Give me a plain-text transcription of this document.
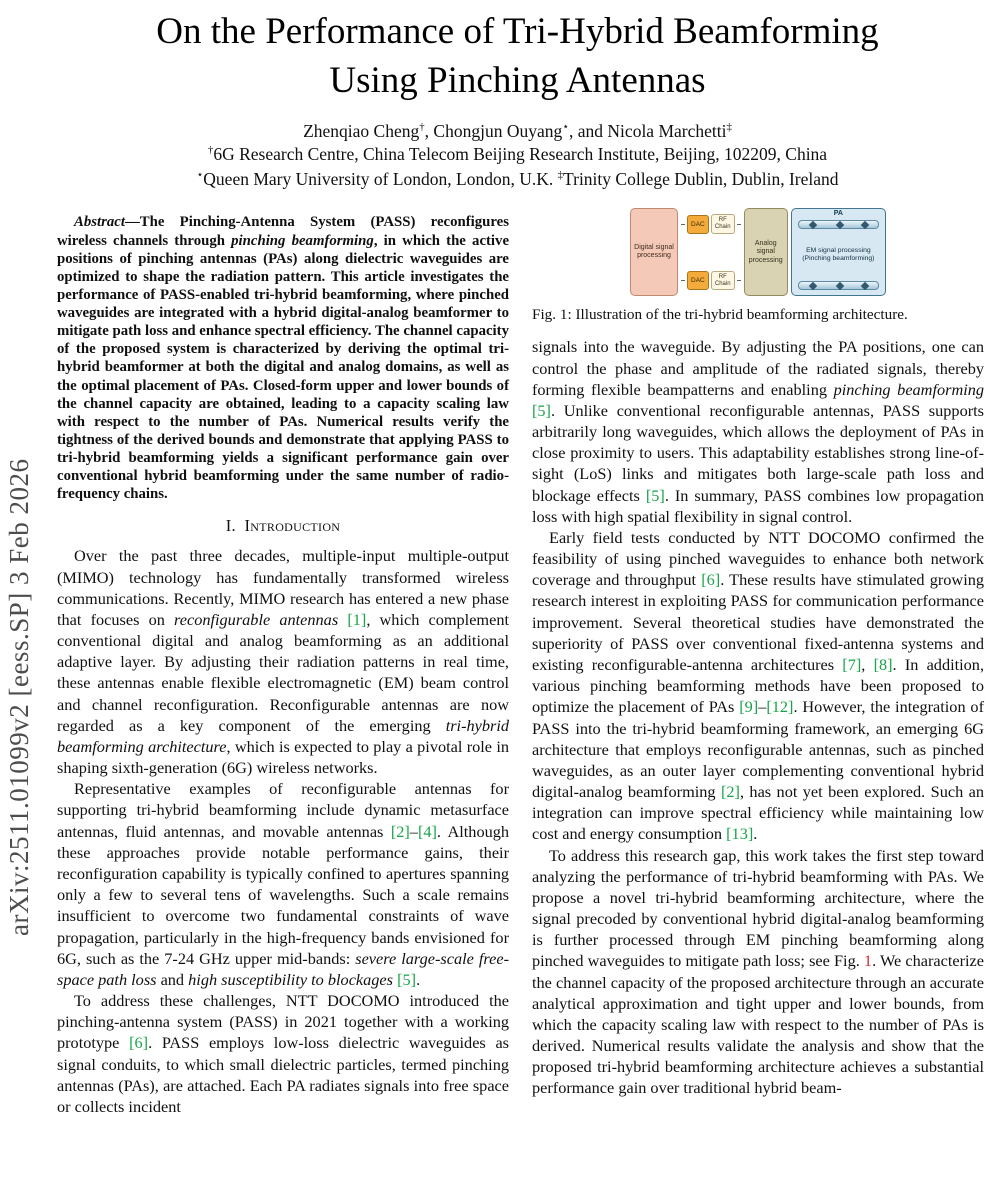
arXiv:2511.01099v2 [eess.SP] 3 Feb 2026
On the Performance of Tri-Hybrid Beamforming
Using Pinching Antennas
Zhenqiao Cheng†, Chongjun Ouyang⋆, and Nicola Marchetti‡
†6G Research Centre, China Telecom Beijing Research Institute, Beijing, 102209, China
⋆Queen Mary University of London, London, U.K. ‡Trinity College Dublin, Dublin, Ireland

Abstract—The Pinching-Antenna System (PASS) reconfigures wireless channels through pinching beamforming, in which the active positions of pinching antennas (PAs) along dielectric waveguides are optimized to shape the radiation pattern. This article investigates the performance of PASS-enabled tri-hybrid beamforming, where pinched waveguides are integrated with a hybrid digital-analog beamformer to mitigate path loss and enhance spectral efficiency. The channel capacity of the proposed system is characterized by deriving the optimal tri-hybrid beamformer at both the digital and analog domains, as well as the optimal placement of PAs. Closed-form upper and lower bounds of the channel capacity are obtained, leading to a capacity scaling law with respect to the number of PAs. Numerical results verify the tightness of the derived bounds and demonstrate that applying PASS to tri-hybrid beamforming yields a significant performance gain over conventional hybrid beamforming under the same number of radio-frequency chains.

I. Introduction

Over the past three decades, multiple-input multiple-output (MIMO) technology has fundamentally transformed wireless communications. Recently, MIMO research has entered a new phase that focuses on reconfigurable antennas [1], which complement conventional digital and analog beamforming as an additional adaptive layer. By adjusting their radiation patterns in real time, these antennas enable flexible electromagnetic (EM) beam control and channel reconfiguration. Reconfigurable antennas are now regarded as a key component of the emerging tri-hybrid beamforming architecture, which is expected to play a pivotal role in shaping sixth-generation (6G) wireless networks.

Representative examples of reconfigurable antennas for supporting tri-hybrid beamforming include dynamic metasurface antennas, fluid antennas, and movable antennas [2]–[4]. Although these approaches provide notable performance gains, their reconfiguration capability is typically confined to apertures spanning only a few to several tens of wavelengths. Such a scale remains insufficient to overcome two fundamental constraints of wave propagation, particularly in the high-frequency bands envisioned for 6G, such as the 7-24 GHz upper mid-bands: severe large-scale free-space path loss and high susceptibility to blockages [5].

To address these challenges, NTT DOCOMO introduced the pinching-antenna system (PASS) in 2021 together with a working prototype [6]. PASS employs low-loss dielectric waveguides as signal conduits, to which small dielectric particles, termed pinching antennas (PAs), are attached. Each PA radiates signals into free space or collects incident

Digital signal processing
DAC
RF Chain
DAC
RF Chain
Analog signal processing
PA
EM signal processing
(Pinching beamforming)
Fig. 1: Illustration of the tri-hybrid beamforming architecture.

signals into the waveguide. By adjusting the PA positions, one can control the phase and amplitude of the radiated signals, thereby forming flexible beampatterns and enabling pinching beamforming [5]. Unlike conventional reconfigurable antennas, PASS supports arbitrarily long waveguides, which allows the deployment of PAs in close proximity to users. This adaptability establishes strong line-of-sight (LoS) links and mitigates both large-scale path loss and blockage effects [5]. In summary, PASS combines low propagation loss with high spatial flexibility in signal control.

Early field tests conducted by NTT DOCOMO confirmed the feasibility of using pinched waveguides to enhance both network coverage and throughput [6]. These results have stimulated growing research interest in exploiting PASS for communication performance improvement. Several theoretical studies have demonstrated the superiority of PASS over conventional fixed-antenna systems and existing reconfigurable-antenna architectures [7], [8]. In addition, various pinching beamforming methods have been proposed to optimize the placement of PAs [9]–[12]. However, the integration of PASS into the tri-hybrid beamforming framework, an emerging 6G architecture that employs reconfigurable antennas, such as pinched waveguides, as an outer layer complementing conventional hybrid digital-analog beamforming [2], has not yet been explored. Such an integration can improve spectral efficiency while maintaining low cost and energy consumption [13].

To address this research gap, this work takes the first step toward analyzing the performance of tri-hybrid beamforming with PAs. We propose a novel tri-hybrid beamforming architecture, where the signal precoded by conventional hybrid digital-analog beamforming is further processed through EM pinching beamforming along pinched waveguides to mitigate path loss; see Fig. 1. We characterize the channel capacity of the proposed architecture through an accurate analytical approximation and tight upper and lower bounds, from which the capacity scaling law with respect to the number of PAs is derived. Numerical results validate the analysis and show that the proposed tri-hybrid beamforming architecture achieves a substantial performance gain over traditional hybrid beam-
